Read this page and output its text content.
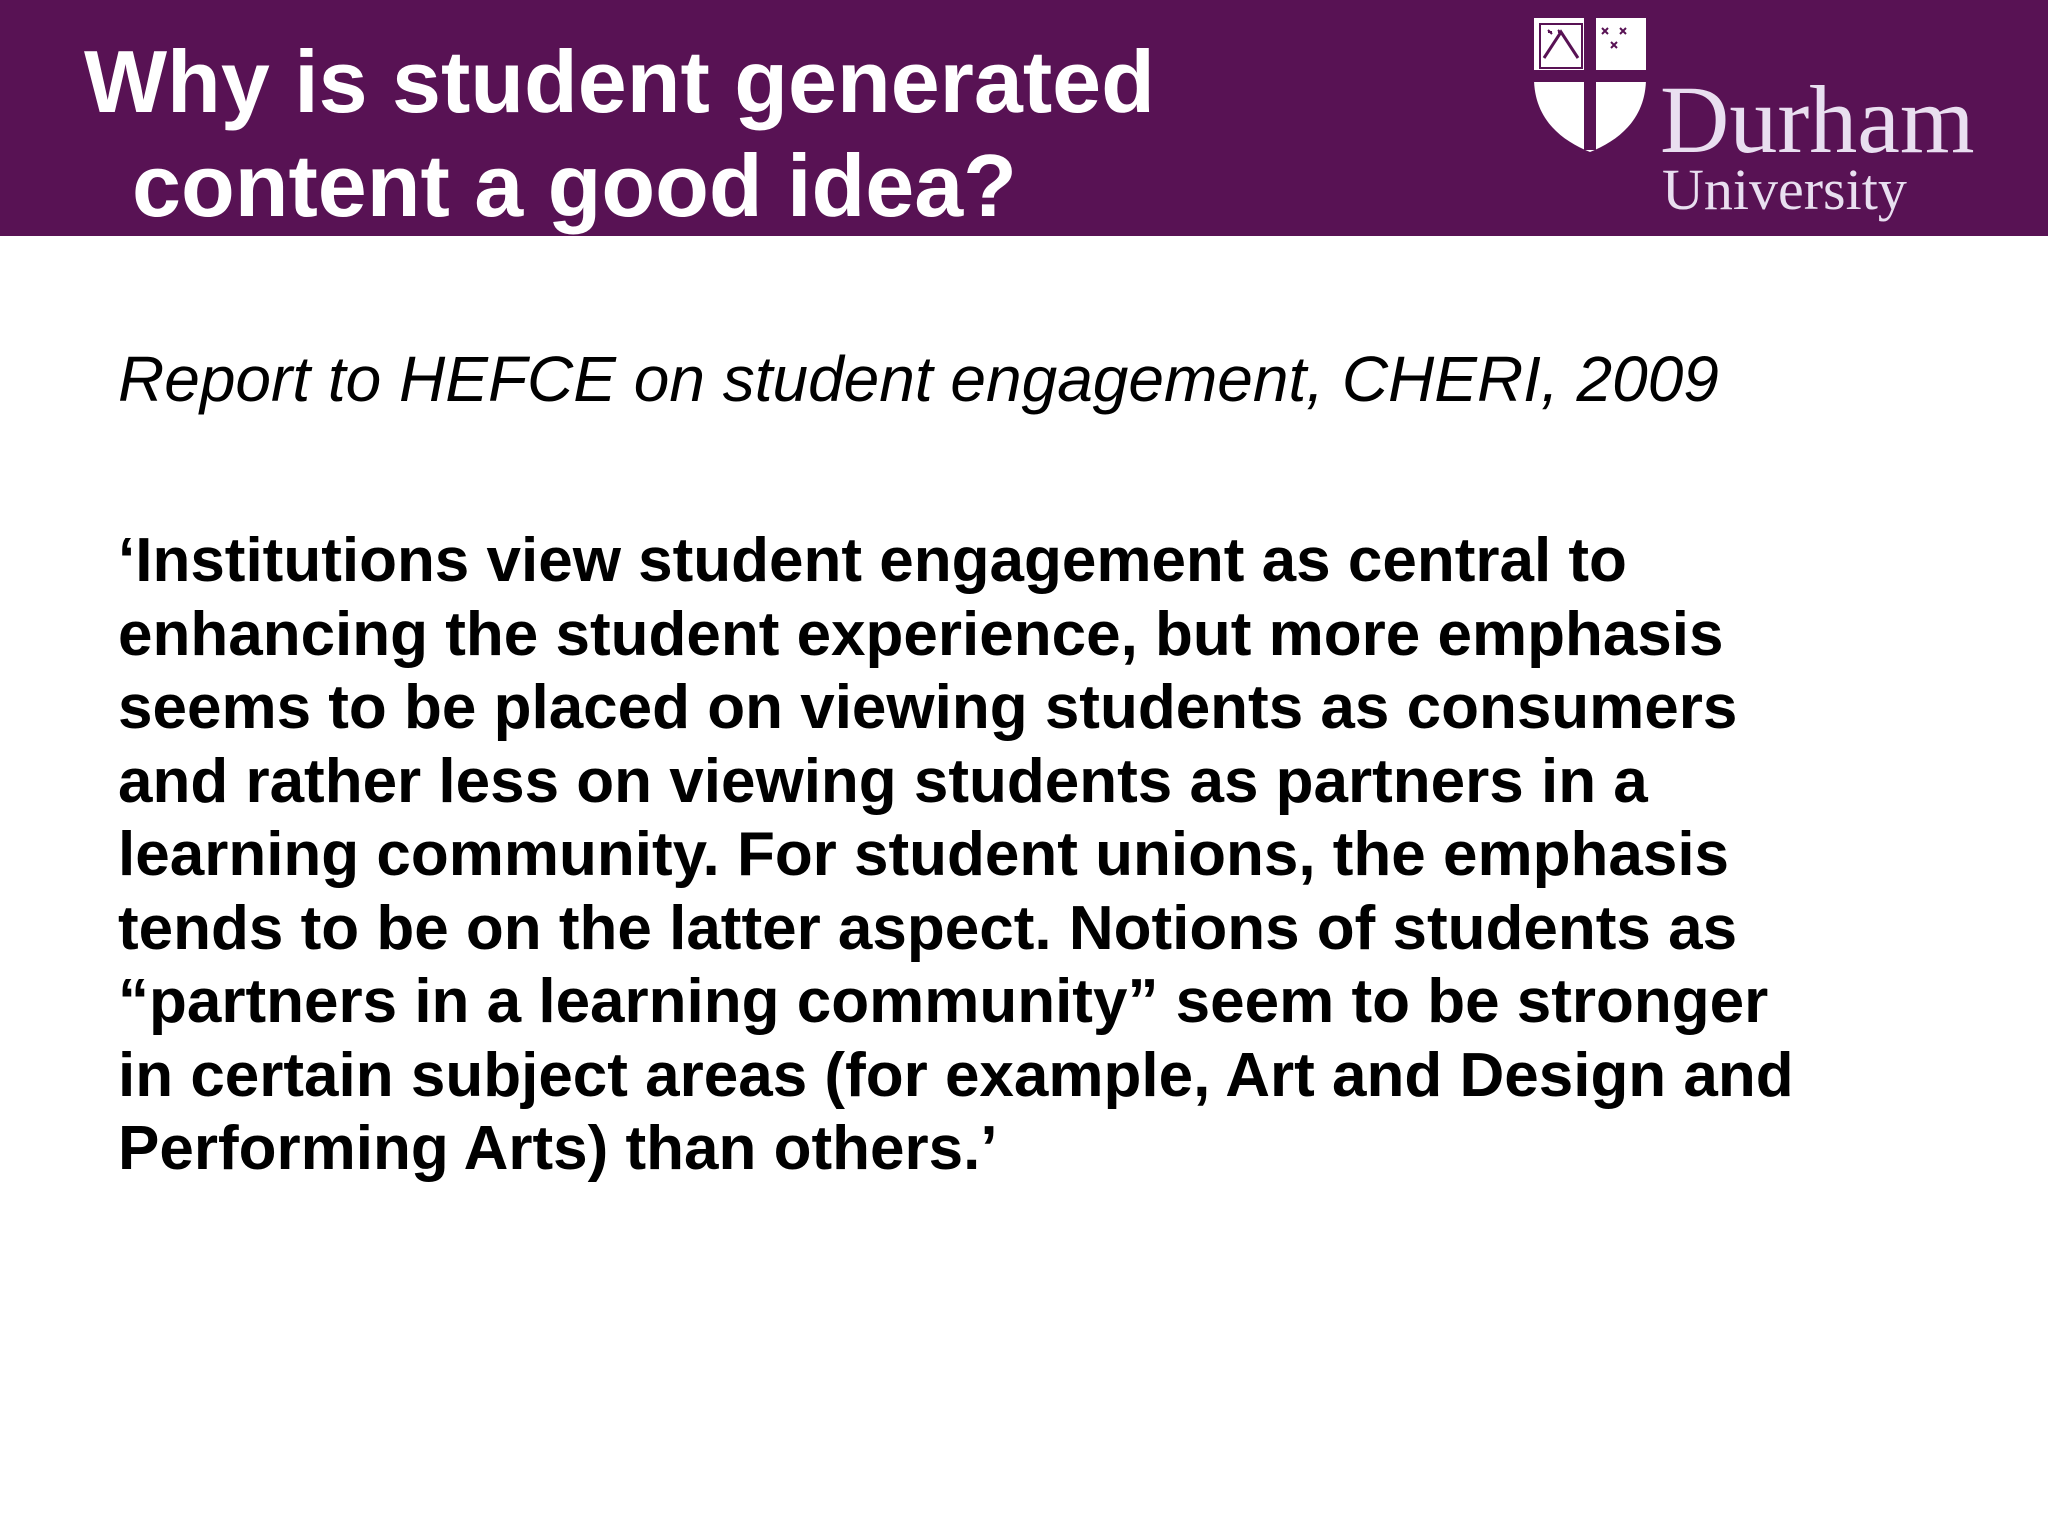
Why is student generated
content a good idea?
Durham
University

Report to HEFCE on student engagement, CHERI, 2009

‘Institutions view student engagement as central to
enhancing the student experience, but more emphasis
seems to be placed on viewing students as consumers
and rather less on viewing students as partners in a
learning community. For student unions, the emphasis
tends to be on the latter aspect. Notions of students as
“partners in a learning community” seem to be stronger
in certain subject areas (for example, Art and Design and
Performing Arts) than others.’
